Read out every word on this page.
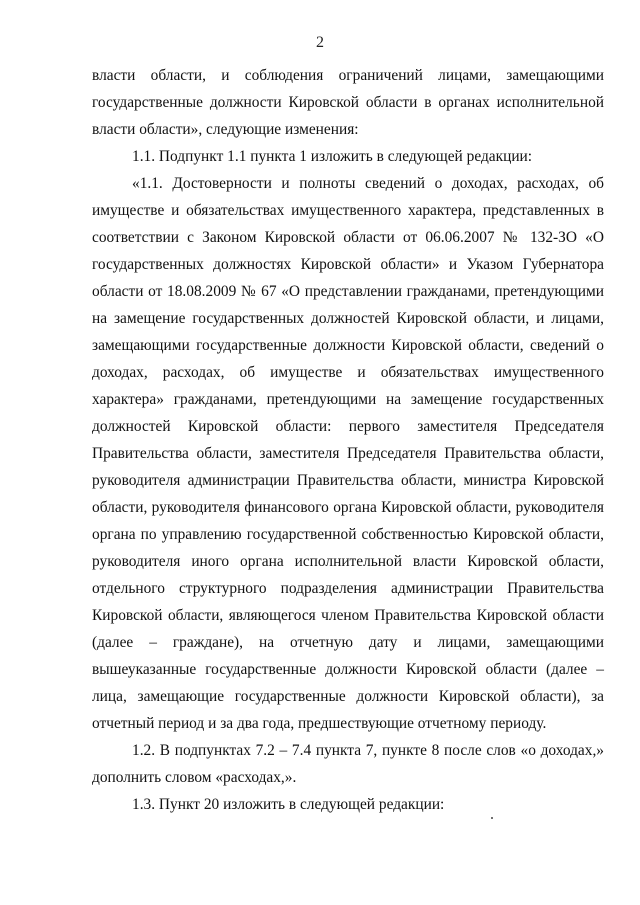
2
власти области, и соблюдения ограничений лицами, замещающими
государственные должности Кировской области в органах исполнительной
власти области», следующие изменения:
1.1. Подпункт 1.1 пункта 1 изложить в следующей редакции:
«1.1. Достоверности и полноты сведений о доходах, расходах, об
имуществе и обязательствах имущественного характера, представленных в
соответствии с Законом Кировской области от 06.06.2007 № 132-ЗО «О
государственных должностях Кировской области» и Указом Губернатора
области от 18.08.2009 № 67 «О представлении гражданами, претендующими
на замещение государственных должностей Кировской области, и лицами,
замещающими государственные должности Кировской области, сведений о
доходах, расходах, об имуществе и обязательствах имущественного
характера» гражданами, претендующими на замещение государственных
должностей Кировской области: первого заместителя Председателя
Правительства области, заместителя Председателя Правительства области,
руководителя администрации Правительства области, министра Кировской
области, руководителя финансового органа Кировской области, руководителя
органа по управлению государственной собственностью Кировской области,
руководителя иного органа исполнительной власти Кировской области,
отдельного структурного подразделения администрации Правительства
Кировской области, являющегося членом Правительства Кировской области
(далее – граждане), на отчетную дату и лицами, замещающими
вышеуказанные государственные должности Кировской области (далее –
лица, замещающие государственные должности Кировской области), за
отчетный период и за два года, предшествующие отчетному периоду.
1.2. В подпунктах 7.2 – 7.4 пункта 7, пункте 8 после слов «о доходах,»
дополнить словом «расходах,».
1.3. Пункт 20 изложить в следующей редакции:
